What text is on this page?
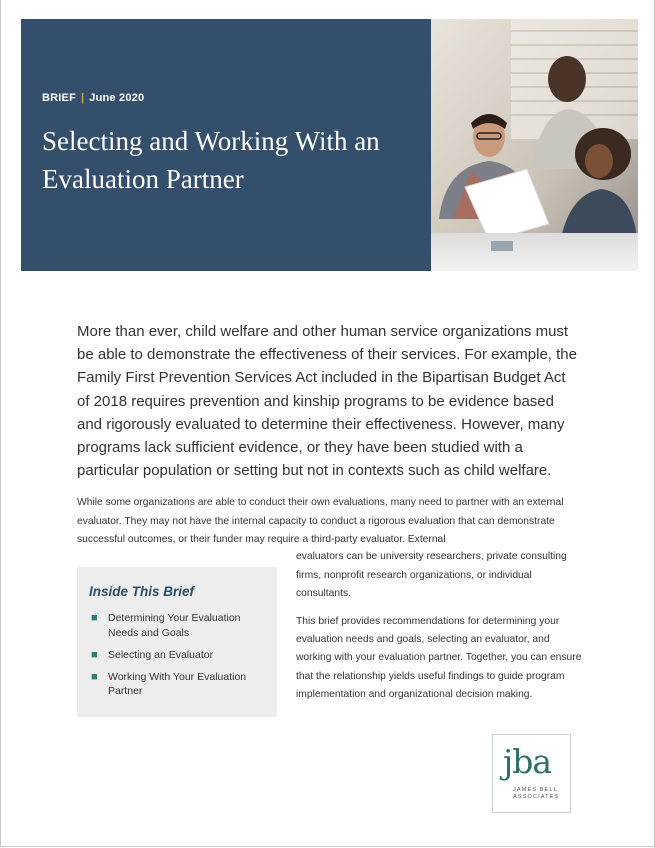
BRIEF | June 2020
Selecting and Working With an Evaluation Partner

More than ever, child welfare and other human service organizations must be able to demonstrate the effectiveness of their services. For example, the Family First Prevention Services Act included in the Bipartisan Budget Act of 2018 requires prevention and kinship programs to be evidence based and rigorously evaluated to determine their effectiveness. However, many programs lack sufficient evidence, or they have been studied with a particular population or setting but not in contexts such as child welfare.

While some organizations are able to conduct their own evaluations, many need to partner with an external evaluator. They may not have the internal capacity to conduct a rigorous evaluation that can demonstrate successful outcomes, or their funder may require a third-party evaluator. External

evaluators can be university researchers, private consulting firms, nonprofit research organizations, or individual consultants.

This brief provides recommendations for determining your evaluation needs and goals, selecting an evaluator, and working with your evaluation partner. Together, you can ensure that the relationship yields useful findings to guide program implementation and organizational decision making.

Inside This Brief
■ Determining Your Evaluation Needs and Goals
■ Selecting an Evaluator
■ Working With Your Evaluation Partner
jba
JAMES BELL
ASSOCIATES
